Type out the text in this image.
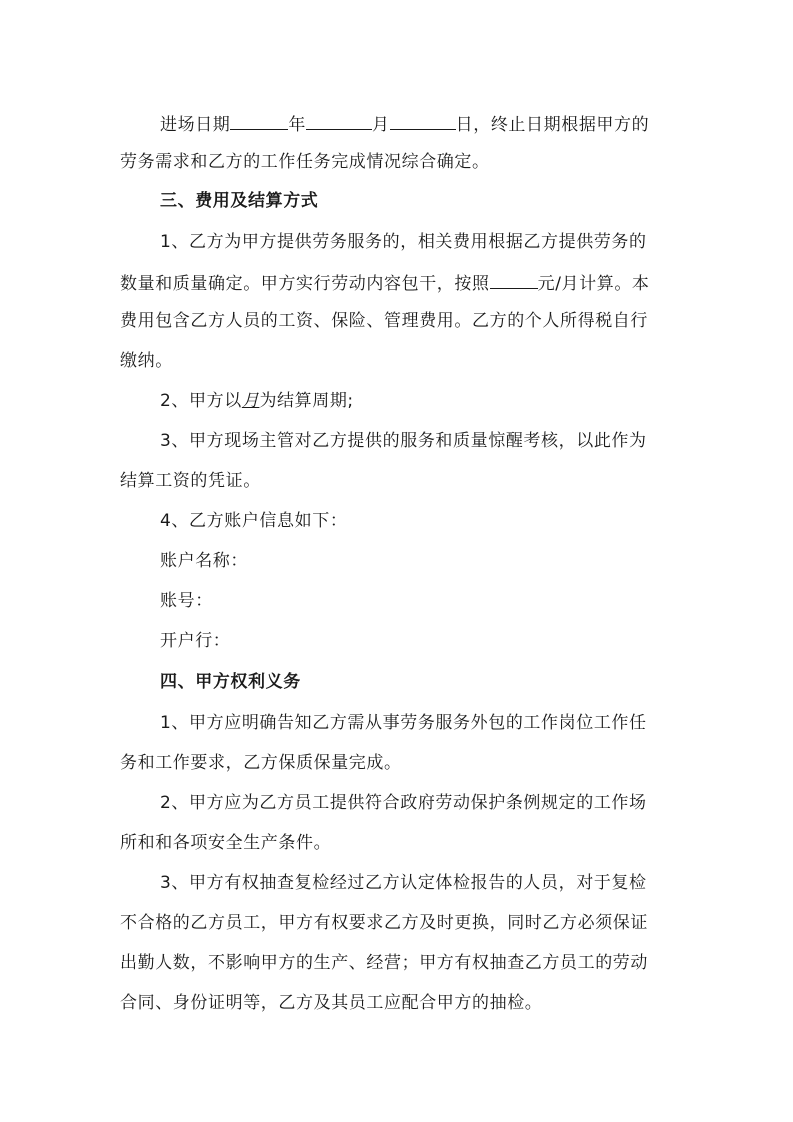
进场日期	年	月	日，终止日期根据甲方的
劳务需求和乙方的工作任务完成情况综合确定。
三、费用及结算方式
1、乙方为甲方提供劳务服务的，相关费用根据乙方提供劳务的
数量和质量确定。甲方实行劳动内容包干，按照	元/月计算。本
费用包含乙方人员的工资、保险、管理费用。乙方的个人所得税自行
缴纳。
2、甲方以月为结算周期;
3、甲方现场主管对乙方提供的服务和质量惊醒考核，以此作为
结算工资的凭证。
4、乙方账户信息如下：
账户名称：
账号：
开户行：
四、甲方权利义务
1、甲方应明确告知乙方需从事劳务服务外包的工作岗位工作任
务和工作要求，乙方保质保量完成。
2、甲方应为乙方员工提供符合政府劳动保护条例规定的工作场
所和和各项安全生产条件。
3、甲方有权抽查复检经过乙方认定体检报告的人员，对于复检
不合格的乙方员工，甲方有权要求乙方及时更换，同时乙方必须保证
出勤人数，不影响甲方的生产、经营；甲方有权抽查乙方员工的劳动
合同、身份证明等，乙方及其员工应配合甲方的抽检。
